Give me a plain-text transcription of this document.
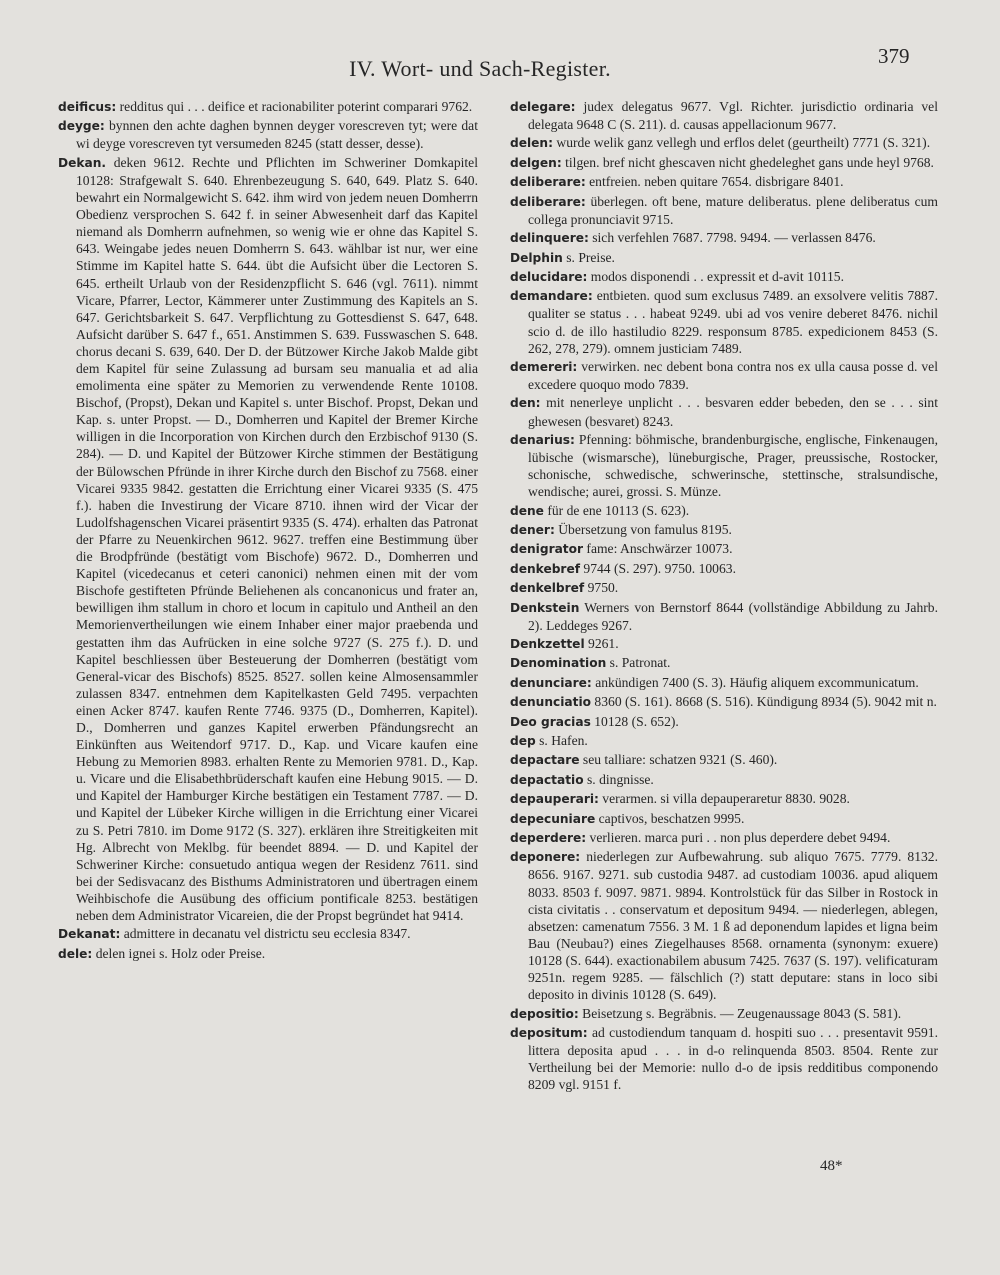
IV. Wort- und Sach-Register.	379

deificus: redditus qui . . . deifice et racionabiliter poterint comparari 9762.

deyge: bynnen den achte daghen bynnen deyger vorescreven tyt; were dat wi deyge vorescreven tyt versumeden 8245 (statt desser, desse).

Dekan. deken 9612. Rechte und Pflichten im Schweriner Domkapitel 10128: Strafgewalt S. 640. Ehrenbezeugung S. 640, 649. Platz S. 640. bewahrt ein Normalgewicht S. 642. ihm wird von jedem neuen Domherrn Obedienz versprochen S. 642 f. in seiner Abwesenheit darf das Kapitel niemand als Domherrn aufnehmen, so wenig wie er ohne das Kapitel S. 643. Weingabe jedes neuen Domherrn S. 643. wählbar ist nur, wer eine Stimme im Kapitel hatte S. 644. übt die Aufsicht über die Lectoren S. 645. ertheilt Urlaub von der Residenzpflicht S. 646 (vgl. 7611). nimmt Vicare, Pfarrer, Lector, Kämmerer unter Zustimmung des Kapitels an S. 647. Gerichtsbarkeit S. 647. Verpflichtung zu Gottesdienst S. 647, 648. Aufsicht darüber S. 647 f., 651. Anstimmen S. 639. Fusswaschen S. 648. chorus decani S. 639, 640. Der D. der Bützower Kirche Jakob Malde gibt dem Kapitel für seine Zulassung ad bursam seu manualia et ad alia emolimenta eine später zu Memorien zu verwendende Rente 10108. Bischof, (Propst), Dekan und Kapitel s. unter Bischof. Propst, Dekan und Kap. s. unter Propst. — D., Domherren und Kapitel der Bremer Kirche willigen in die Incorporation von Kirchen durch den Erzbischof 9130 (S. 284). — D. und Kapitel der Bützower Kirche stimmen der Bestätigung der Bülowschen Pfründe in ihrer Kirche durch den Bischof zu 7568. einer Vicarei 9335 9842. gestatten die Errichtung einer Vicarei 9335 (S. 475 f.). haben die Investirung der Vicare 8710. ihnen wird der Vicar der Ludolfshagenschen Vicarei präsentirt 9335 (S. 474). erhalten das Patronat der Pfarre zu Neuenkirchen 9612. 9627. treffen eine Bestimmung über die Brodpfründe (bestätigt vom Bischofe) 9672. D., Domherren und Kapitel (vicedecanus et ceteri canonici) nehmen einen mit der vom Bischofe gestifteten Pfründe Beliehenen als concanonicus und frater an, bewilligen ihm stallum in choro et locum in capitulo und Antheil an den Memorienvertheilungen wie einem Inhaber einer major praebenda und gestatten ihm das Aufrücken in eine solche 9727 (S. 275 f.). D. und Kapitel beschliessen über Besteuerung der Domherren (bestätigt vom General-vicar des Bischofs) 8525. 8527. sollen keine Almosensammler zulassen 8347. entnehmen dem Kapitelkasten Geld 7495. verpachten einen Acker 8747. kaufen Rente 7746. 9375 (D., Domherren, Kapitel). D., Domherren und ganzes Kapitel erwerben Pfändungsrecht an Einkünften aus Weitendorf 9717. D., Kap. und Vicare kaufen eine Hebung zu Memorien 8983. erhalten Rente zu Memorien 9781. D., Kap. u. Vicare und die Elisabethbrüderschaft kaufen eine Hebung 9015. — D. und Kapitel der Hamburger Kirche bestätigen ein Testament 7787. — D. und Kapitel der Lübeker Kirche willigen in die Errichtung einer Vicarei zu S. Petri 7810. im Dome 9172 (S. 327). erklären ihre Streitigkeiten mit Hg. Albrecht von Meklbg. für beendet 8894. — D. und Kapitel der Schweriner Kirche: consuetudo antiqua wegen der Residenz 7611. sind bei der Sedisvacanz des Bisthums Administratoren und übertragen einem Weihbischofe die Ausübung des officium pontificale 8253. bestätigen neben dem Administrator Vicareien, die der Propst begründet hat 9414.

Dekanat: admittere in decanatu vel districtu seu ecclesia 8347.

dele: delen ignei s. Holz oder Preise.

delegare: judex delegatus 9677. Vgl. Richter. jurisdictio ordinaria vel delegata 9648 C (S. 211). d. causas appellacionum 9677.

delen: wurde welik ganz vellegh und erflos delet (geurtheilt) 7771 (S. 321).

delgen: tilgen. bref nicht ghescaven nicht ghedeleghet gans unde heyl 9768.

deliberare: entfreien. neben quitare 7654. disbrigare 8401.

deliberare: überlegen. oft bene, mature deliberatus. plene deliberatus cum collega pronunciavit 9715.

delinquere: sich verfehlen 7687. 7798. 9494. — verlassen 8476.

Delphin s. Preise.

delucidare: modos disponendi . . expressit et d-avit 10115.

demandare: entbieten. quod sum exclusus 7489. an exsolvere velitis 7887. qualiter se status . . . habeat 9249. ubi ad vos venire deberet 8476. nichil scio d. de illo hastiludio 8229. responsum 8785. expedicionem 8453 (S. 262, 278, 279). omnem justiciam 7489.

demereri: verwirken. nec debent bona contra nos ex ulla causa posse d. vel excedere quoquo modo 7839.

den: mit nenerleye unplicht . . . besvaren edder bebeden, den se . . . sint ghewesen (besvaret) 8243.

denarius: Pfenning: böhmische, brandenburgische, englische, Finkenaugen, lübische (wismarsche), lüneburgische, Prager, preussische, Rostocker, schonische, schwedische, schwerinsche, stettinsche, stralsundische, wendische; aurei, grossi. S. Münze.

dene für de ene 10113 (S. 623).

dener: Übersetzung von famulus 8195.

denigrator fame: Anschwärzer 10073.

denkebref 9744 (S. 297). 9750. 10063.

denkelbref 9750.

Denkstein Werners von Bernstorf 8644 (vollständige Abbildung zu Jahrb. 2). Leddeges 9267.

Denkzettel 9261.

Denomination s. Patronat.

denunciare: ankündigen 7400 (S. 3). Häufig aliquem excommunicatum.

denunciatio 8360 (S. 161). 8668 (S. 516). Kündigung 8934 (5). 9042 mit n.

Deo gracias 10128 (S. 652).

dep s. Hafen.

depactare seu talliare: schatzen 9321 (S. 460).

depactatio s. dingnisse.

depauperari: verarmen. si villa depauperaretur 8830. 9028.

depecuniare captivos, beschatzen 9995.

deperdere: verlieren. marca puri . . non plus deperdere debet 9494.

deponere: niederlegen zur Aufbewahrung. sub aliquo 7675. 7779. 8132. 8656. 9167. 9271. sub custodia 9487. ad custodiam 10036. apud aliquem 8033. 8503 f. 9097. 9871. 9894. Kontrolstück für das Silber in Rostock in cista civitatis . . conservatum et depositum 9494. — niederlegen, ablegen, absetzen: camenatum 7556. 3 M. 1 ß ad deponendum lapides et ligna beim Bau (Neubau?) eines Ziegelhauses 8568. ornamenta (synonym: exuere) 10128 (S. 644). exactionabilem abusum 7425. 7637 (S. 197). velificaturam 9251n. regem 9285. — fälschlich (?) statt deputare: stans in loco sibi deposito in divinis 10128 (S. 649).

depositio: Beisetzung s. Begräbnis. — Zeugenaussage 8043 (S. 581).

depositum: ad custodiendum tanquam d. hospiti suo . . . presentavit 9591. littera deposita apud . . . in d-o relinquenda 8503. 8504. Rente zur Vertheilung bei der Memorie: nullo d-o de ipsis redditibus componendo 8209 vgl. 9151 f.

48*
